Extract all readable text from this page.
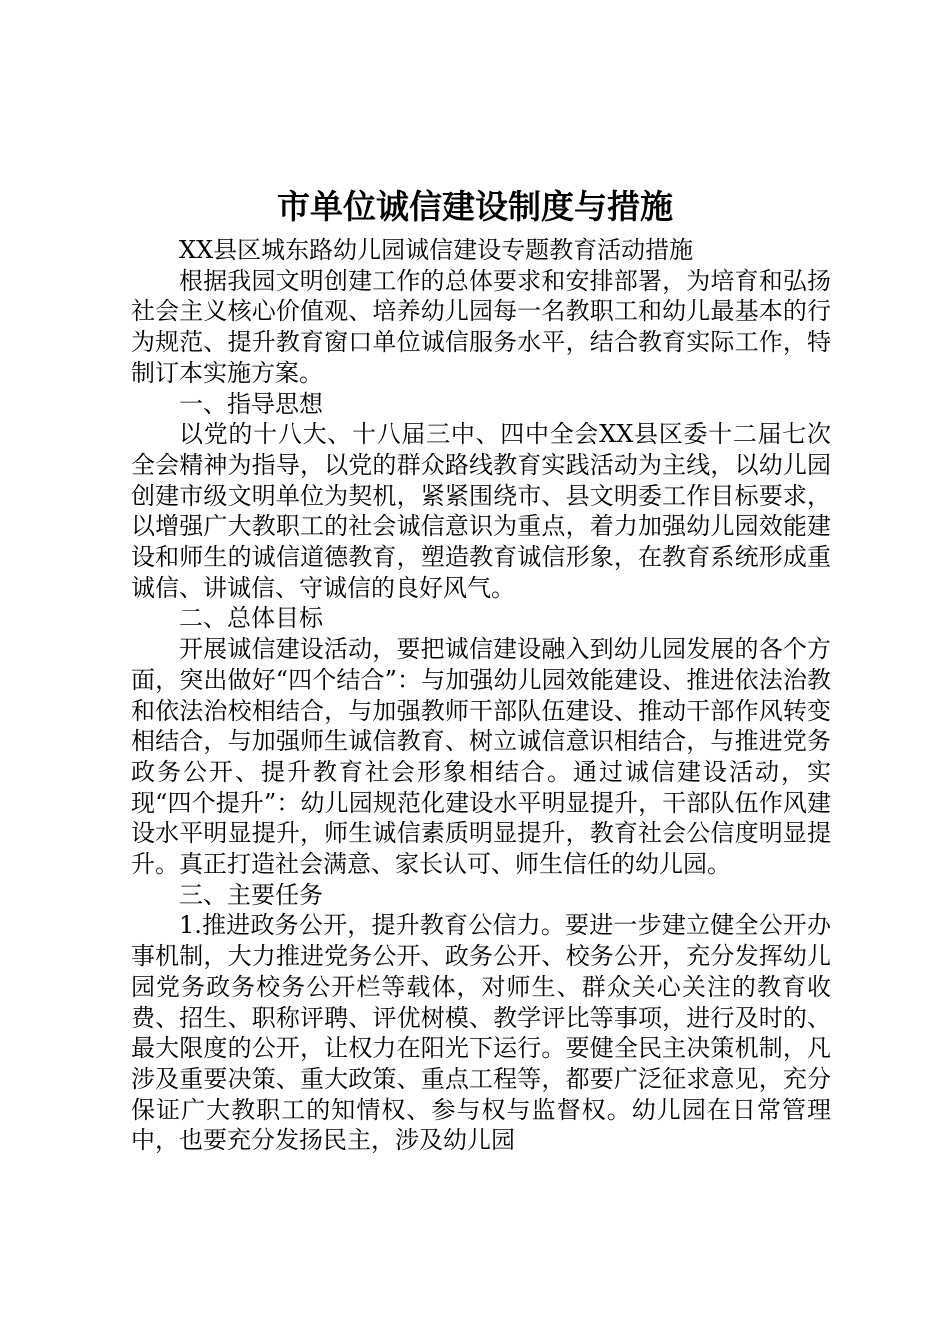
市单位诚信建设制度与措施

XX县区城东路幼儿园诚信建设专题教育活动措施

根据我园文明创建工作的总体要求和安排部署，为培育和弘扬社会主义核心价值观、培养幼儿园每一名教职工和幼儿最基本的行为规范、提升教育窗口单位诚信服务水平，结合教育实际工作，特制订本实施方案。

一、指导思想

以党的十八大、十八届三中、四中全会XX县区委十二届七次全会精神为指导，以党的群众路线教育实践活动为主线，以幼儿园创建市级文明单位为契机，紧紧围绕市、县文明委工作目标要求，以增强广大教职工的社会诚信意识为重点，着力加强幼儿园效能建设和师生的诚信道德教育，塑造教育诚信形象，在教育系统形成重诚信、讲诚信、守诚信的良好风气。

二、总体目标

开展诚信建设活动，要把诚信建设融入到幼儿园发展的各个方面，突出做好“四个结合”：与加强幼儿园效能建设、推进依法治教和依法治校相结合，与加强教师干部队伍建设、推动干部作风转变相结合，与加强师生诚信教育、树立诚信意识相结合，与推进党务政务公开、提升教育社会形象相结合。通过诚信建设活动，实现“四个提升”：幼儿园规范化建设水平明显提升，干部队伍作风建设水平明显提升，师生诚信素质明显提升，教育社会公信度明显提升。真正打造社会满意、家长认可、师生信任的幼儿园。

三、主要任务

1.推进政务公开，提升教育公信力。要进一步建立健全公开办事机制，大力推进党务公开、政务公开、校务公开，充分发挥幼儿园党务政务校务公开栏等载体，对师生、群众关心关注的教育收费、招生、职称评聘、评优树模、教学评比等事项，进行及时的、最大限度的公开，让权力在阳光下运行。要健全民主决策机制，凡涉及重要决策、重大政策、重点工程等，都要广泛征求意见，充分保证广大教职工的知情权、参与权与监督权。幼儿园在日常管理中，也要充分发扬民主，涉及幼儿园
